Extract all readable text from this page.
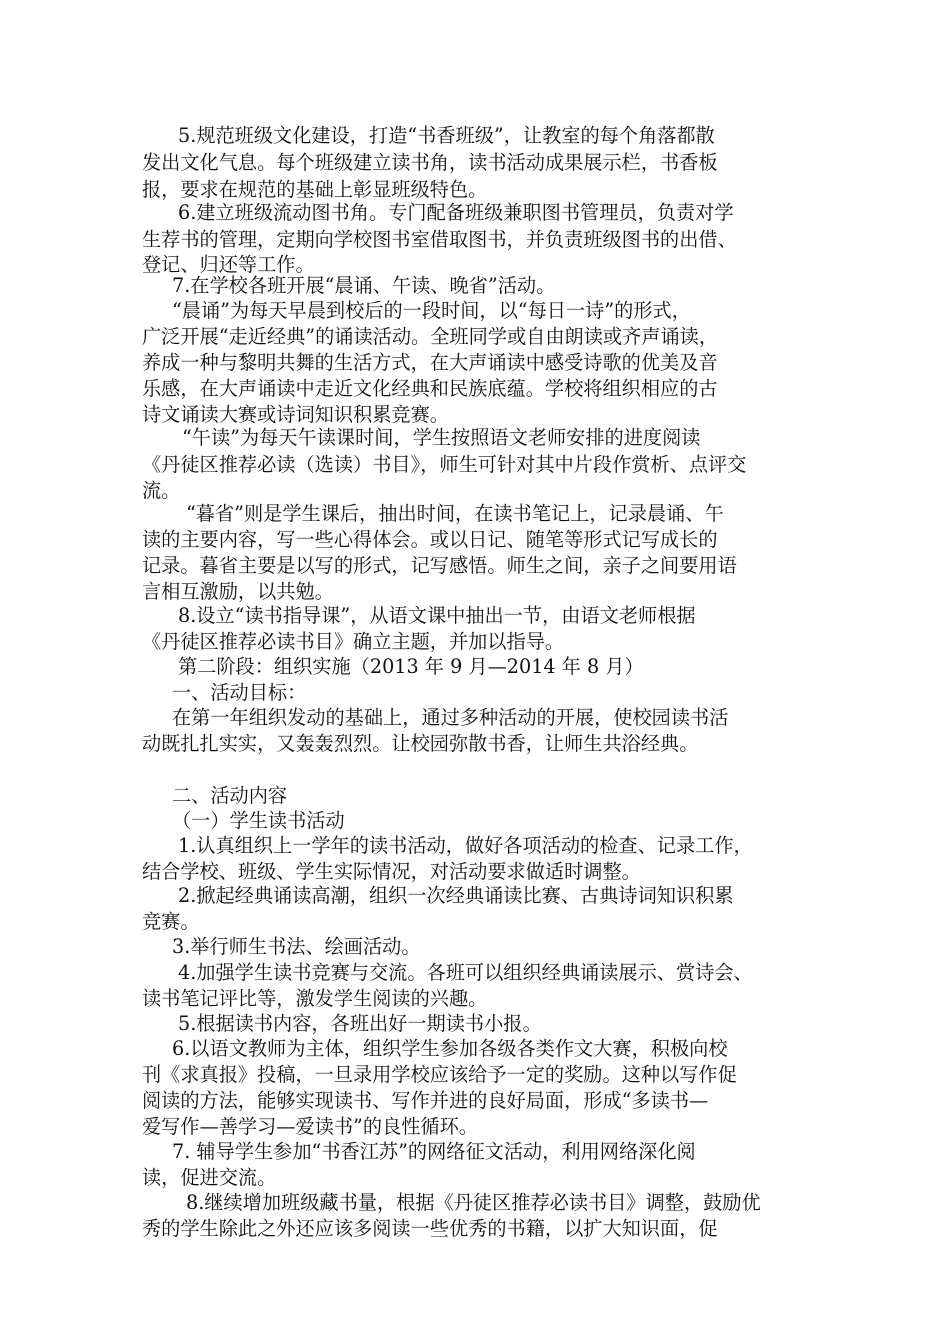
5.规范班级文化建设，打造“书香班级”，让教室的每个角落都散
发出文化气息。每个班级建立读书角，读书活动成果展示栏，书香板
报，要求在规范的基础上彰显班级特色。
6.建立班级流动图书角。专门配备班级兼职图书管理员，负责对学
生荐书的管理，定期向学校图书室借取图书，并负责班级图书的出借、
登记、归还等工作。
7.在学校各班开展“晨诵、午读、晚省”活动。
“晨诵”为每天早晨到校后的一段时间，以“每日一诗”的形式，
广泛开展“走近经典”的诵读活动。全班同学或自由朗读或齐声诵读，
养成一种与黎明共舞的生活方式，在大声诵读中感受诗歌的优美及音
乐感，在大声诵读中走近文化经典和民族底蕴。学校将组织相应的古
诗文诵读大赛或诗词知识积累竞赛。
“午读”为每天午读课时间，学生按照语文老师安排的进度阅读
《丹徒区推荐必读（选读）书目》，师生可针对其中片段作赏析、点评交
流。
“暮省”则是学生课后，抽出时间，在读书笔记上，记录晨诵、午
读的主要内容，写一些心得体会。或以日记、随笔等形式记写成长的
记录。暮省主要是以写的形式，记写感悟。师生之间，亲子之间要用语
言相互激励，以共勉。
8.设立“读书指导课”，从语文课中抽出一节，由语文老师根据
《丹徒区推荐必读书目》确立主题，并加以指导。
第二阶段：组织实施（2013 年 9 月—2014 年 8 月）
一、活动目标：
在第一年组织发动的基础上，通过多种活动的开展，使校园读书活
动既扎扎实实，又轰轰烈烈。让校园弥散书香，让师生共浴经典。
二、活动内容
（一）学生读书活动
1.认真组织上一学年的读书活动，做好各项活动的检查、记录工作，
结合学校、班级、学生实际情况，对活动要求做适时调整。
2.掀起经典诵读高潮，组织一次经典诵读比赛、古典诗词知识积累
竞赛。
3.举行师生书法、绘画活动。
4.加强学生读书竞赛与交流。各班可以组织经典诵读展示、赏诗会、
读书笔记评比等，激发学生阅读的兴趣。
5.根据读书内容，各班出好一期读书小报。
6.以语文教师为主体，组织学生参加各级各类作文大赛，积极向校
刊《求真报》投稿，一旦录用学校应该给予一定的奖励。这种以写作促
阅读的方法，能够实现读书、写作并进的良好局面，形成“多读书—
爱写作—善学习—爱读书”的良性循环。
7. 辅导学生参加“书香江苏”的网络征文活动，利用网络深化阅
读，促进交流。
8.继续增加班级藏书量，根据《丹徒区推荐必读书目》调整，鼓励优
秀的学生除此之外还应该多阅读一些优秀的书籍，以扩大知识面，促
